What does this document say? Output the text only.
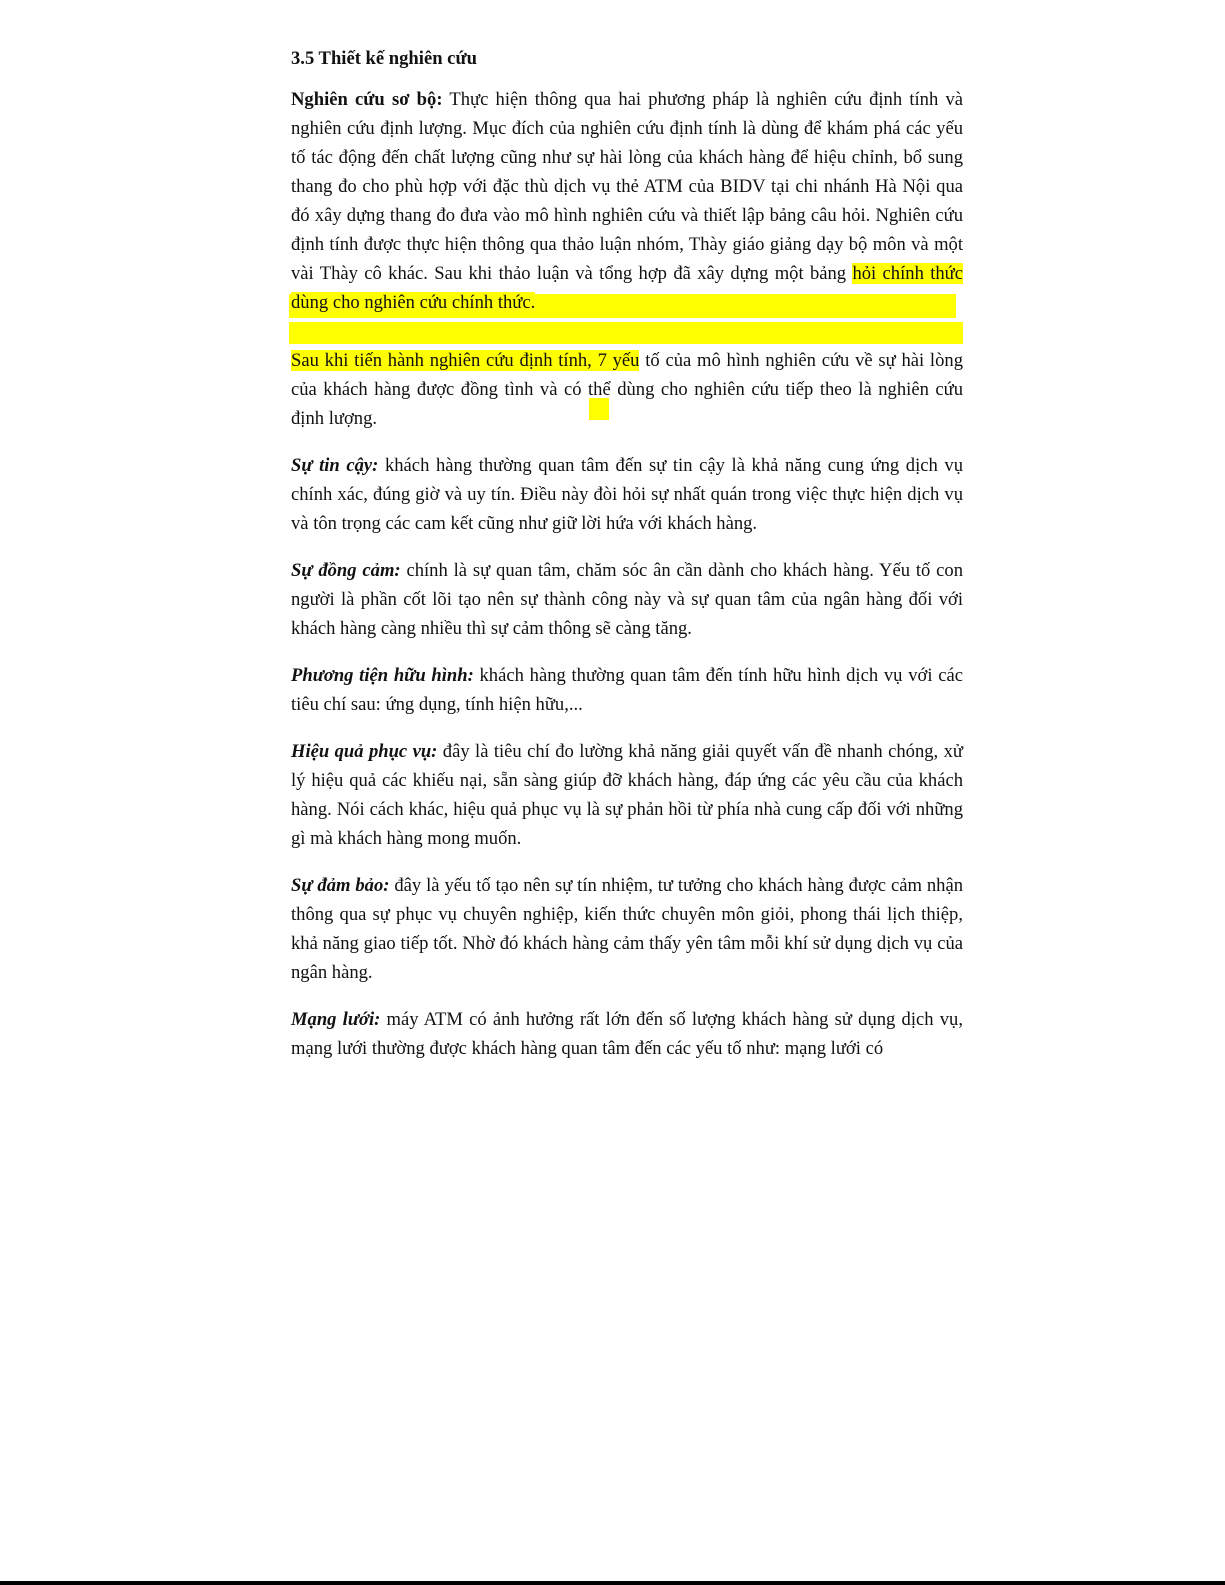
3.5 Thiết kế nghiên cứu

Nghiên cứu sơ bộ: Thực hiện thông qua hai phương pháp là nghiên cứu định tính và nghiên cứu định lượng. Mục đích của nghiên cứu định tính là dùng để khám phá các yếu tố tác động đến chất lượng cũng như sự hài lòng của khách hàng để hiệu chỉnh, bổ sung thang đo cho phù hợp với đặc thù dịch vụ thẻ ATM của BIDV tại chi nhánh Hà Nội qua đó xây dựng thang đo đưa vào mô hình nghiên cứu và thiết lập bảng câu hỏi. Nghiên cứu định tính được thực hiện thông qua thảo luận nhóm, Thày giáo giảng dạy bộ môn và một vài Thày cô khác. Sau khi thảo luận và tổng hợp đã xây dựng một bảng hỏi chính thức dùng cho nghiên cứu chính thức.

Sau khi tiến hành nghiên cứu định tính, 7 yếu tố của mô hình nghiên cứu về sự hài lòng của khách hàng được đồng tình và có thể dùng cho nghiên cứu tiếp theo là nghiên cứu định lượng.

Sự tin cậy: khách hàng thường quan tâm đến sự tin cậy là khả năng cung ứng dịch vụ chính xác, đúng giờ và uy tín. Điều này đòi hỏi sự nhất quán trong việc thực hiện dịch vụ và tôn trọng các cam kết cũng như giữ lời hứa với khách hàng.

Sự đồng cảm: chính là sự quan tâm, chăm sóc ân cần dành cho khách hàng. Yếu tố con người là phần cốt lõi tạo nên sự thành công này và sự quan tâm của ngân hàng đối với khách hàng càng nhiều thì sự cảm thông sẽ càng tăng.

Phương tiện hữu hình: khách hàng thường quan tâm đến tính hữu hình dịch vụ với các tiêu chí sau: ứng dụng, tính hiện hữu,...

Hiệu quả phục vụ: đây là tiêu chí đo lường khả năng giải quyết vấn đề nhanh chóng, xử lý hiệu quả các khiếu nại, sẵn sàng giúp đỡ khách hàng, đáp ứng các yêu cầu của khách hàng. Nói cách khác, hiệu quả phục vụ là sự phản hồi từ phía nhà cung cấp đối với những gì mà khách hàng mong muốn.

Sự đảm bảo: đây là yếu tố tạo nên sự tín nhiệm, tư tưởng cho khách hàng được cảm nhận thông qua sự phục vụ chuyên nghiệp, kiến thức chuyên môn giỏi, phong thái lịch thiệp, khả năng giao tiếp tốt. Nhờ đó khách hàng cảm thấy yên tâm mỗi khí sử dụng dịch vụ của ngân hàng.

Mạng lưới: máy ATM có ảnh hưởng rất lớn đến số lượng khách hàng sử dụng dịch vụ, mạng lưới thường được khách hàng quan tâm đến các yếu tố như: mạng lưới có
